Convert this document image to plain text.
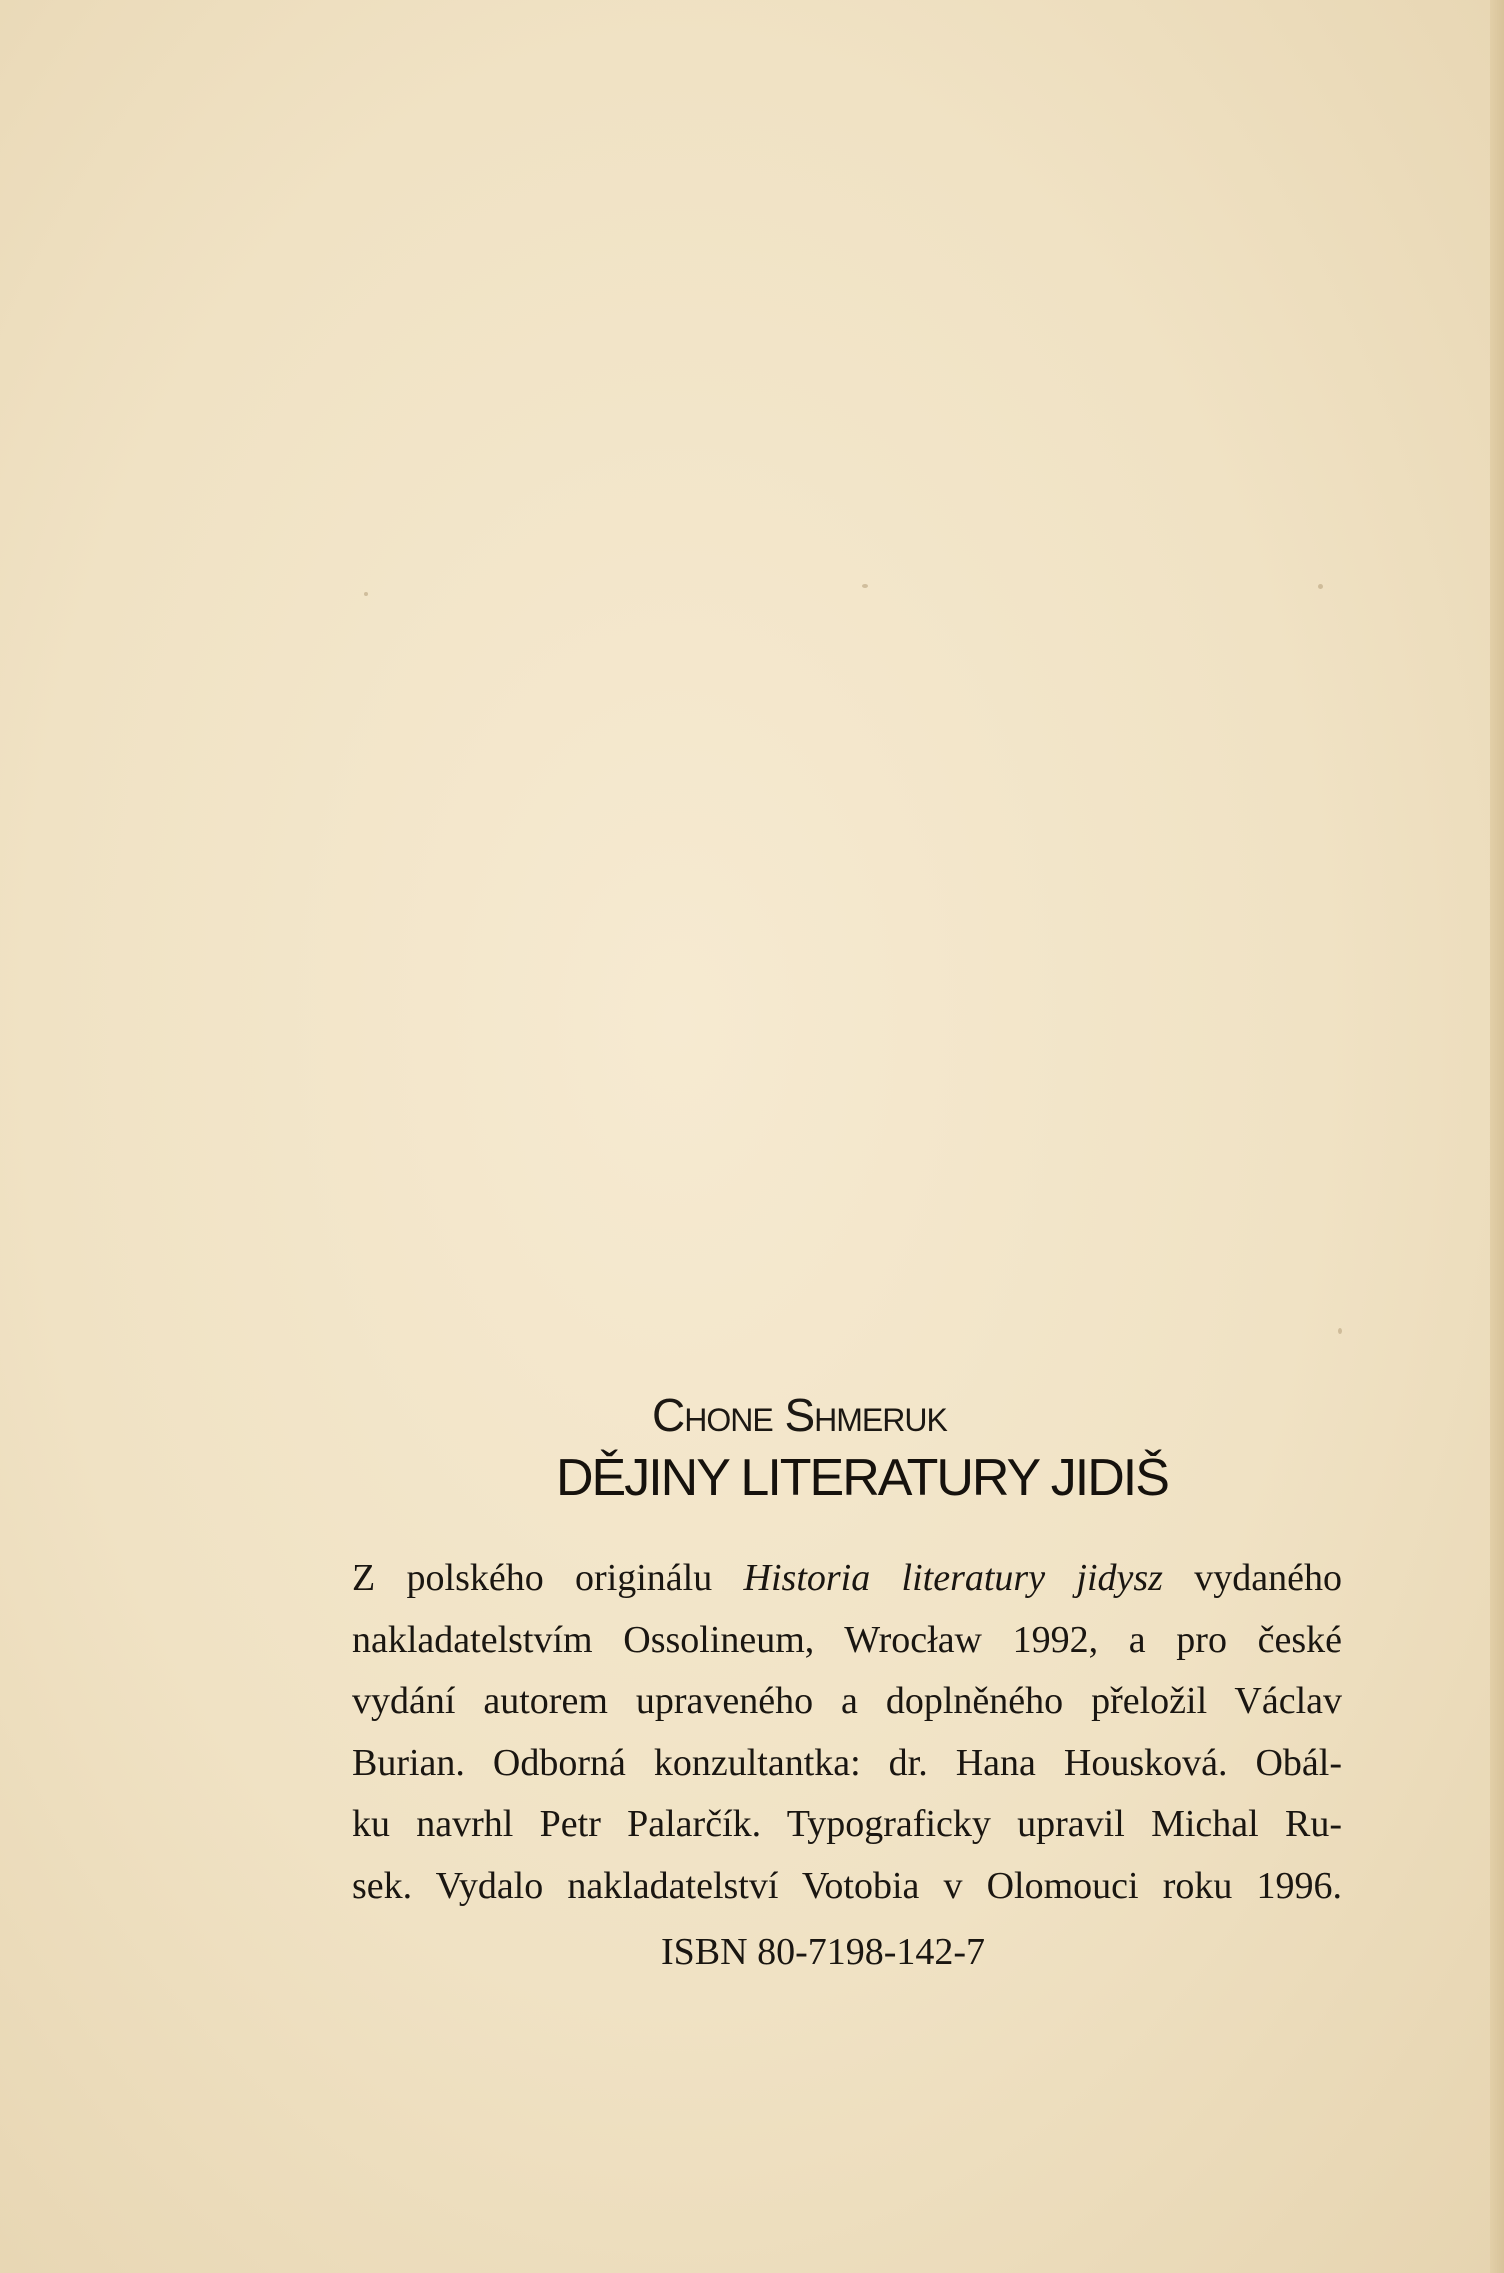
Chone Shmeruk
DĚJINY LITERATURY JIDIŠ
Z polského originálu Historia literatury jidysz vydaného
nakladatelstvím Ossolineum, Wrocław 1992, a pro české
vydání autorem upraveného a doplněného přeložil Václav
Burian. Odborná konzultantka: dr. Hana Housková. Obál-
ku navrhl Petr Palarčík. Typograficky upravil Michal Ru-
sek. Vydalo nakladatelství Votobia v Olomouci roku 1996.
ISBN 80-7198-142-7
